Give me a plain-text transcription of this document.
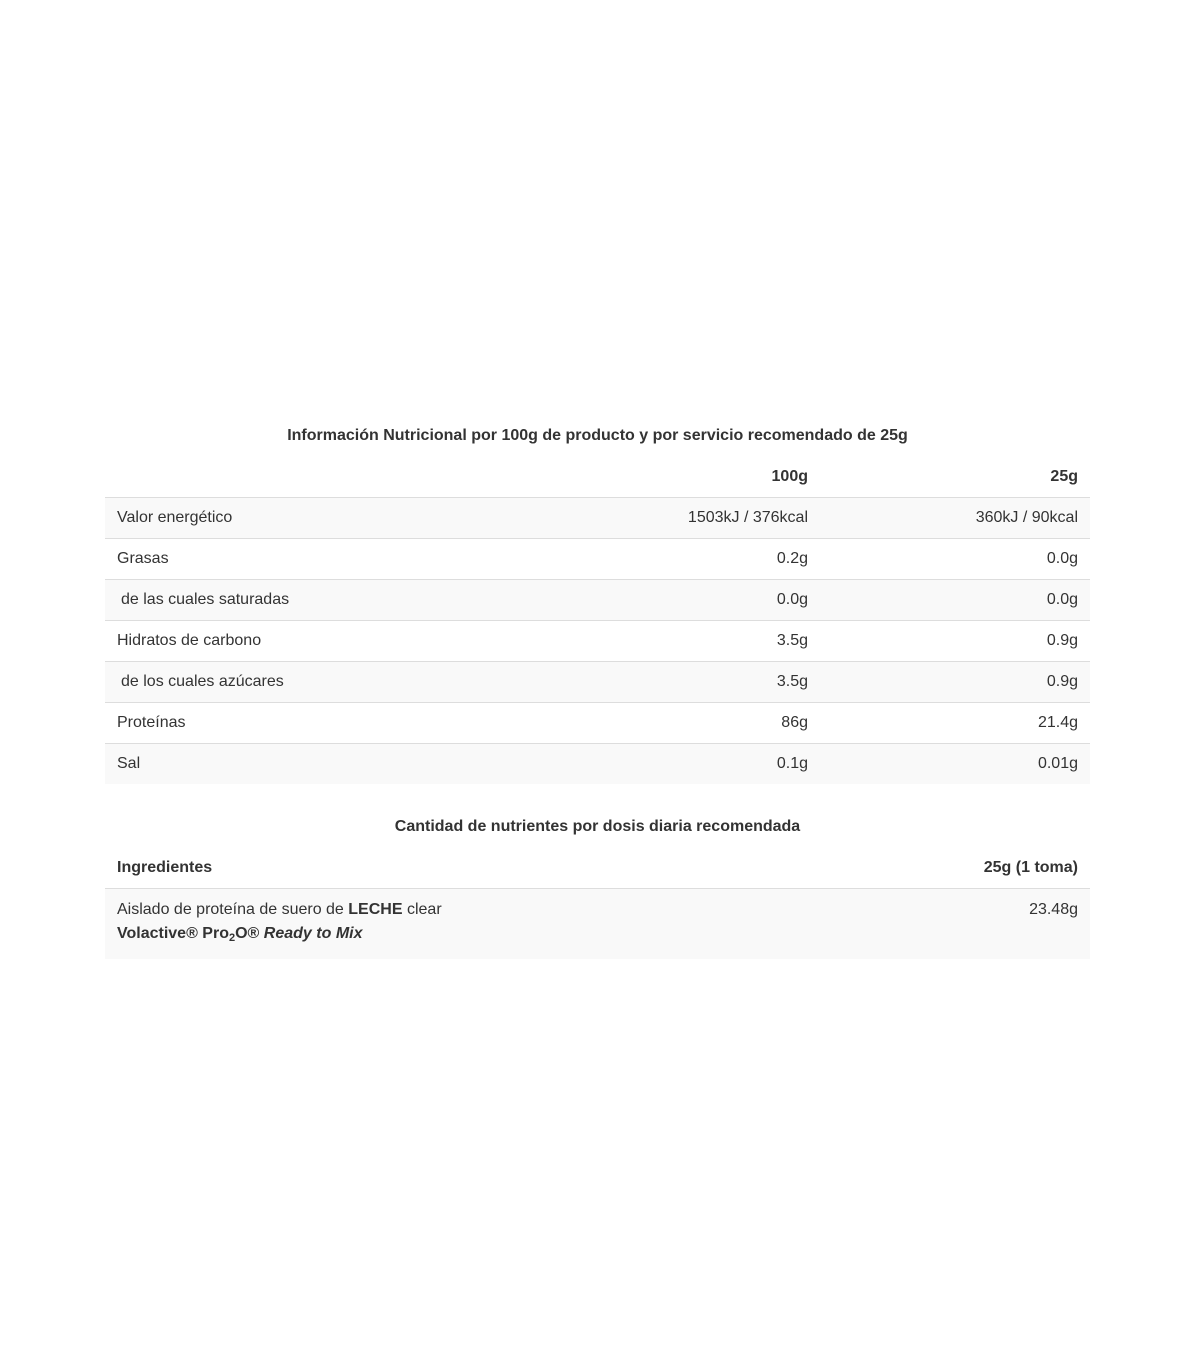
Información Nutricional por 100g de producto y por servicio recomendado de 25g
	100g	25g
Valor energético	1503kJ / 376kcal	360kJ / 90kcal
Grasas	0.2g	0.0g
de las cuales saturadas	0.0g	0.0g
Hidratos de carbono	3.5g	0.9g
de los cuales azúcares	3.5g	0.9g
Proteínas	86g	21.4g
Sal	0.1g	0.01g
Cantidad de nutrientes por dosis diaria recomendada
Ingredientes	25g (1 toma)

Aislado de proteína de suero de LECHE clear
Volactive® Pro$_2$O® Ready to Mix	23.48g
